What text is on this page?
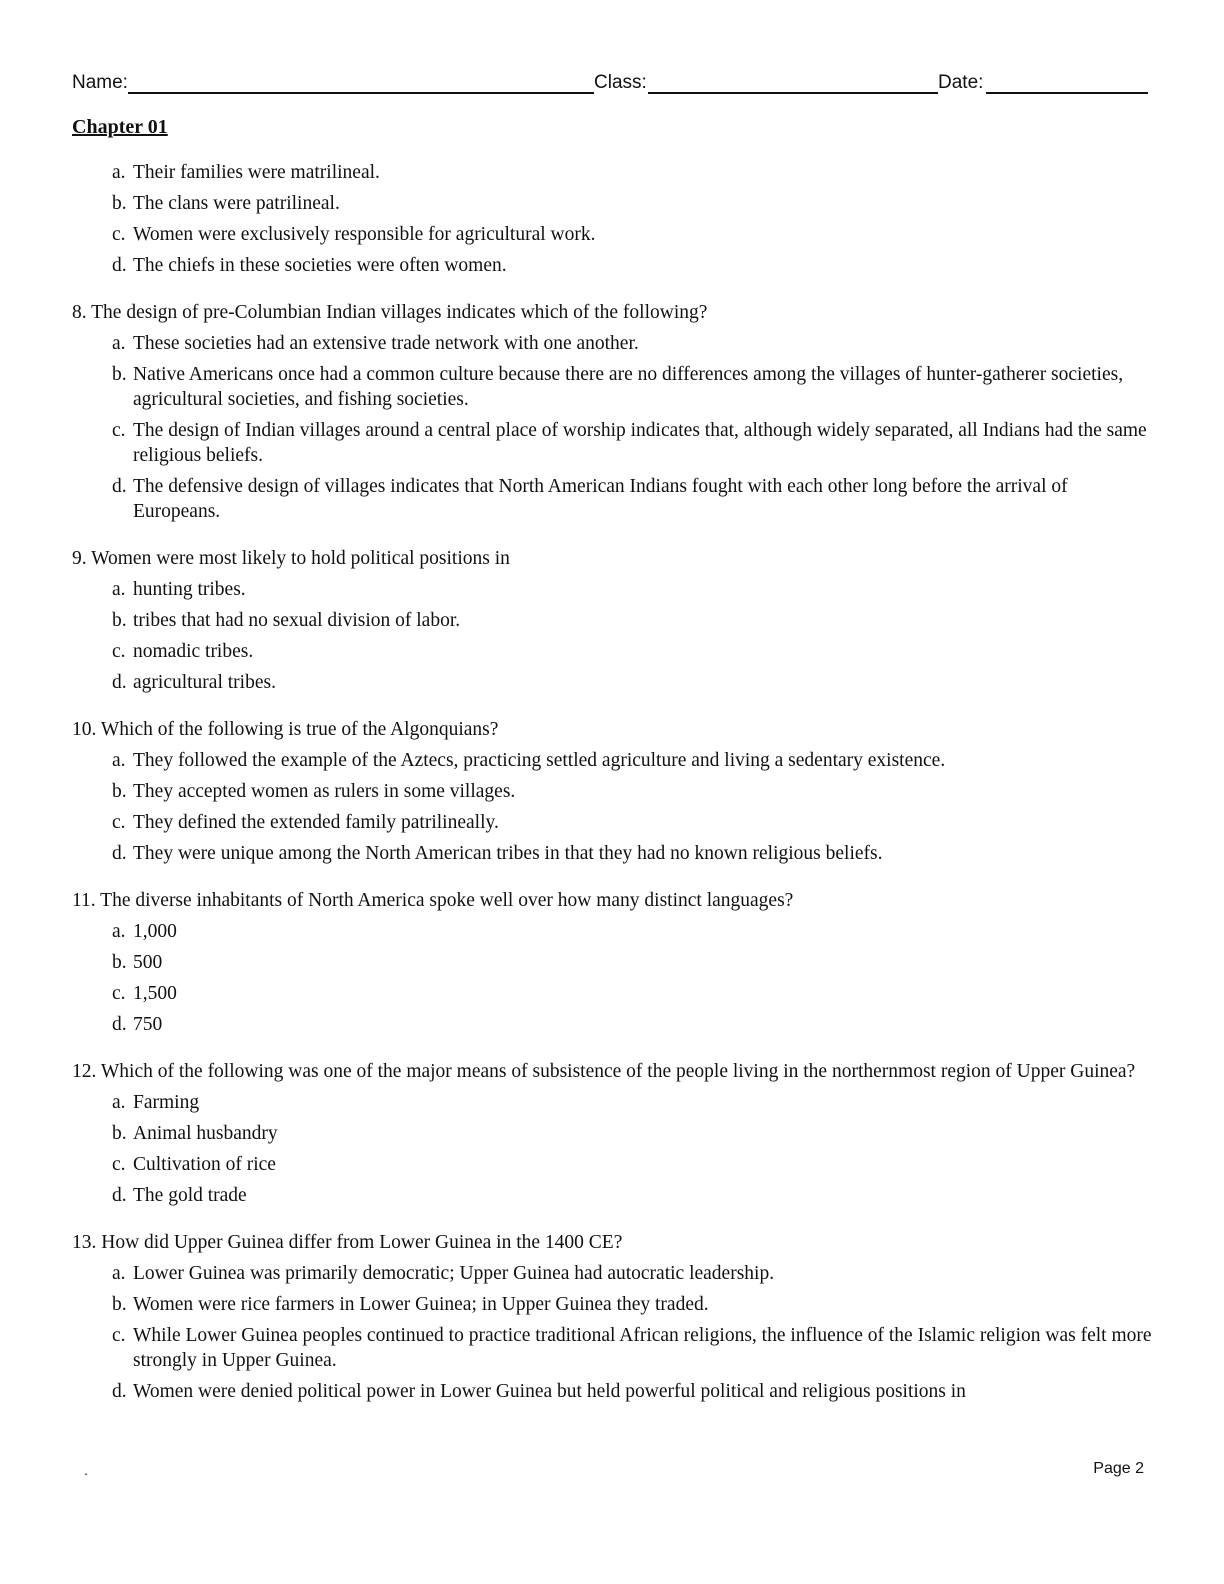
Name:	Class:	Date:
Chapter 01
a. Their families were matrilineal.
b. The clans were patrilineal.
c. Women were exclusively responsible for agricultural work.
d. The chiefs in these societies were often women.
8. The design of pre-Columbian Indian villages indicates which of the following?
a. These societies had an extensive trade network with one another.
b. Native Americans once had a common culture because there are no differences among the villages of hunter-gatherer societies, agricultural societies, and fishing societies.
c. The design of Indian villages around a central place of worship indicates that, although widely separated, all Indians had the same religious beliefs.
d. The defensive design of villages indicates that North American Indians fought with each other long before the arrival of Europeans.
9. Women were most likely to hold political positions in
a. hunting tribes.
b. tribes that had no sexual division of labor.
c. nomadic tribes.
d. agricultural tribes.
10. Which of the following is true of the Algonquians?
a. They followed the example of the Aztecs, practicing settled agriculture and living a sedentary existence.
b. They accepted women as rulers in some villages.
c. They defined the extended family patrilineally.
d. They were unique among the North American tribes in that they had no known religious beliefs.
11. The diverse inhabitants of North America spoke well over how many distinct languages?
a. 1,000
b. 500
c. 1,500
d. 750
12. Which of the following was one of the major means of subsistence of the people living in the northernmost region of Upper Guinea?
a. Farming
b. Animal husbandry
c. Cultivation of rice
d. The gold trade
13. How did Upper Guinea differ from Lower Guinea in the 1400 CE?
a. Lower Guinea was primarily democratic; Upper Guinea had autocratic leadership.
b. Women were rice farmers in Lower Guinea; in Upper Guinea they traded.
c. While Lower Guinea peoples continued to practice traditional African religions, the influence of the Islamic religion was felt more strongly in Upper Guinea.
d. Women were denied political power in Lower Guinea but held powerful political and religious positions in
.	Page 2
